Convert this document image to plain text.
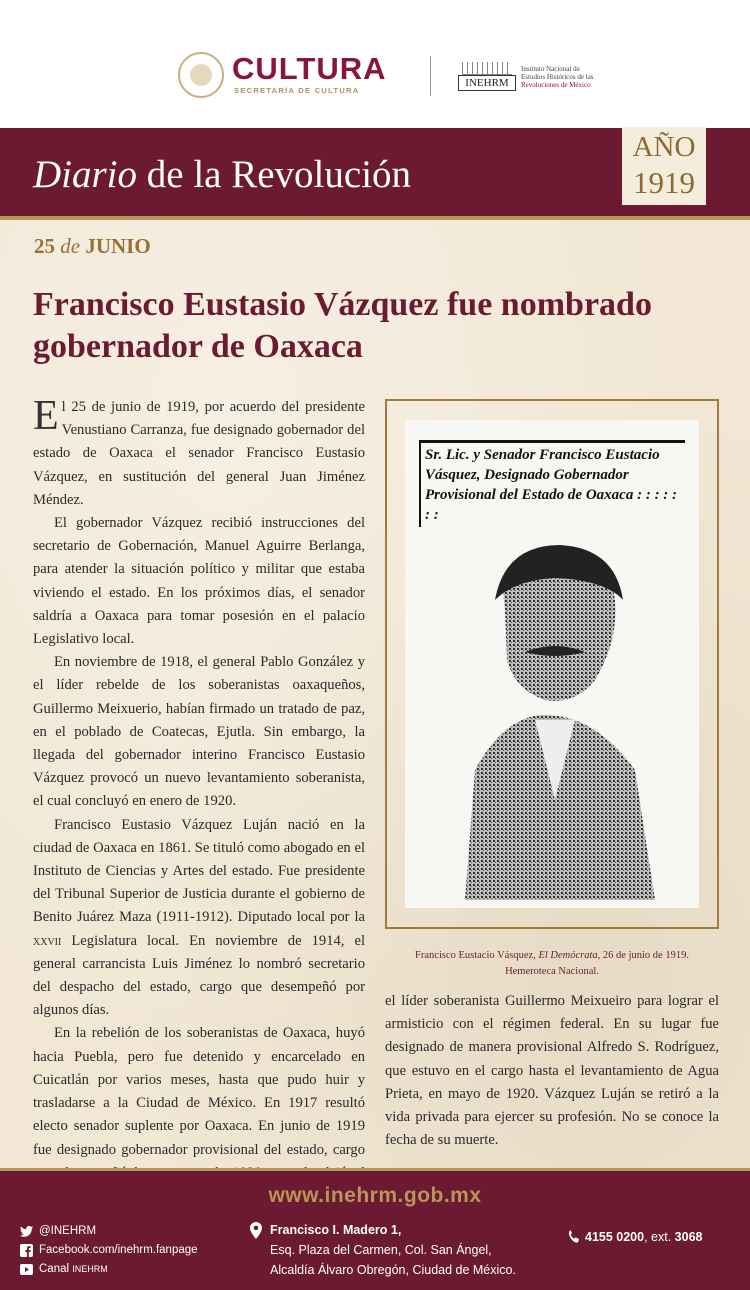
CULTURA
SECRETARÍA DE CULTURA
INEHRM
Instituto Nacional de
Estudios Históricos de las
Revoluciones de México
Diario de la Revolución
AÑO
1919
25 de JUNIO
Francisco Eustasio Vázquez fue nombrado gobernador de Oaxaca

El 25 de junio de 1919, por acuerdo del presidente Venustiano Carranza, fue designado gobernador del estado de Oaxaca el senador Francisco Eustasio Vázquez, en sustitución del general Juan Jiménez Méndez.

El gobernador Vázquez recibió instrucciones del secretario de Gobernación, Manuel Aguirre Berlanga, para atender la situación político y militar que estaba viviendo el estado. En los próximos días, el senador saldría a Oaxaca para tomar posesión en el palacio Legislativo local.

En noviembre de 1918, el general Pablo González y el líder rebelde de los soberanistas oaxaqueños, Guillermo Meixuerio, habían firmado un tratado de paz, en el poblado de Coatecas, Ejutla. Sin embargo, la llegada del gobernador interino Francisco Eustasio Vázquez provocó un nuevo levantamiento soberanista, el cual concluyó en enero de 1920.

Francisco Eustasio Vázquez Luján nació en la ciudad de Oaxaca en 1861. Se tituló como abogado en el Instituto de Ciencias y Artes del estado. Fue presidente del Tribunal Superior de Justicia durante el gobierno de Benito Juárez Maza (1911-1912). Diputado local por la xxvii Legislatura local. En noviembre de 1914, el general carrancista Luis Jiménez lo nombró secretario del despacho del estado, cargo que desempeñó por algunos días.

En la rebelión de los soberanistas de Oaxaca, huyó hacia Puebla, pero fue detenido y encarcelado en Cuicatlán por varios meses, hasta que pudo huir y trasladarse a la Ciudad de México. En 1917 resultó electo senador suplente por Oaxaca. En junio de 1919 fue designado gobernador provisional del estado, cargo

Sr. Lic. y Senador Francisco Eustacio Vásquez, Designado Gobernador Provisional del Estado de Oaxaca : : : : : : :
Francisco Eustacio Vásquez, El Demócrata, 26 de junio de 1919.
Hemeroteca Nacional.

el líder soberanista Guillermo Meixueiro para lograr el armisticio con el régimen federal. En su lugar fue designado de manera provisional Alfredo S. Rodríguez, que estuvo en el cargo hasta el levantamiento de Agua Prieta, en mayo de 1920. Vázquez Luján se retiró a la vida privada para ejercer su profesión. No se conoce la fecha de su muerte.

www.inehrm.gob.mx
@INEHRM
Facebook.com/inehrm.fanpage
Canal
INEHRM
Francisco I. Madero 1,
Esq. Plaza del Carmen, Col. San Ángel,
Alcaldía Álvaro Obregón, Ciudad de México.
4155 0200, ext. 3068
